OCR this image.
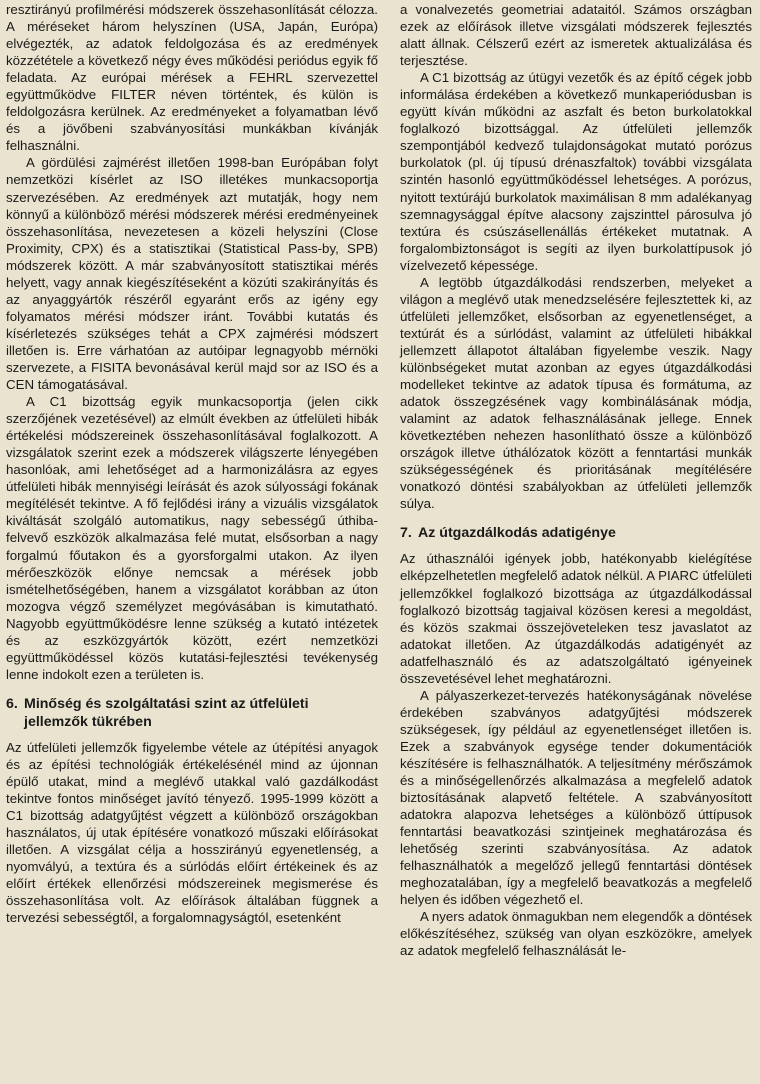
resztirányú profilmérési módszerek összehasonlítását célozza. A méréseket három helyszínen (USA, Japán, Európa) elvégezték, az adatok feldolgozása és az eredmények közzététele a következő négy éves működési periódus egyik fő feladata. Az európai mérések a FEHRL szervezettel együttműködve FILTER néven történtek, és külön is feldolgozásra kerülnek. Az eredményeket a folyamatban lévő és a jövőbeni szabványosítási munkákban kívánják felhasználni.

A gördülési zajmérést illetően 1998-ban Európában folyt nemzetközi kísérlet az ISO illetékes munkacsoportja szervezésében. Az eredmények azt mutatják, hogy nem könnyű a különböző mérési módszerek mérési eredményeinek összehasonlítása, nevezetesen a közeli helyszíni (Close Proximity, CPX) és a statisztikai (Statistical Pass-by, SPB) módszerek között. A már szabványosított statisztikai mérés helyett, vagy annak kiegészítéseként a közúti szakirányítás és az anyaggyártók részéről egyaránt erős az igény egy folyamatos mérési módszer iránt. További kutatás és kísérletezés szükséges tehát a CPX zajmérési módszert illetően is. Erre várhatóan az autóipar legnagyobb mérnöki szervezete, a FISITA bevonásával kerül majd sor az ISO és a CEN támogatásával.

A C1 bizottság egyik munkacsoportja (jelen cikk szerzőjének vezetésével) az elmúlt években az útfelületi hibák értékelési módszereinek összehasonlításával foglalkozott. A vizsgálatok szerint ezek a módszerek világszerte lényegében hasonlóak, ami lehetőséget ad a harmonizálásra az egyes útfelületi hibák mennyiségi leírását és azok súlyossági fokának megítélését tekintve. A fő fejlődési irány a vizuális vizsgálatok kiváltását szolgáló automatikus, nagy sebességű úthiba-felvevő eszközök alkalmazása felé mutat, elsősorban a nagy forgalmú főutakon és a gyorsforgalmi utakon. Az ilyen mérőeszközök előnye nemcsak a mérések jobb ismételhetőségében, hanem a vizsgálatot korábban az úton mozogva végző személyzet megóvásában is kimutatható. Nagyobb együttműködésre lenne szükség a kutató intézetek és az eszközgyártók között, ezért nemzetközi együttműködéssel közös kutatási-fejlesztési tevékenység lenne indokolt ezen a területen is.

6. Minőség és szolgáltatási szint az útfelületi
jellemzők tükrében

Az útfelületi jellemzők figyelembe vétele az útépítési anyagok és az építési technológiák értékelésénél mind az újonnan épülő utakat, mind a meglévő utakkal való gazdálkodást tekintve fontos minőséget javító tényező. 1995-1999 között a C1 bizottság adatgyűjtést végzett a különböző országokban használatos, új utak építésére vonatkozó műszaki előírásokat illetően. A vizsgálat célja a hosszirányú egyenetlenség, a nyomvályú, a textúra és a súrlódás előírt értékeinek és az előírt értékek ellenőrzési módszereinek megismerése és összehasonlítása volt. Az előírások általában függnek a tervezési sebességtől, a forgalomnagyságtól, esetenként

a vonalvezetés geometriai adataitól. Számos országban ezek az előírások illetve vizsgálati módszerek fejlesztés alatt állnak. Célszerű ezért az ismeretek aktualizálása és terjesztése.

A C1 bizottság az útügyi vezetők és az építő cégek jobb informálása érdekében a következő munkaperiódusban is együtt kíván működni az aszfalt és beton burkolatokkal foglalkozó bizottsággal. Az útfelületi jellemzők szempontjából kedvező tulajdonságokat mutató porózus burkolatok (pl. új típusú drénaszfaltok) további vizsgálata szintén hasonló együttműködéssel lehetséges. A porózus, nyitott textúrájú burkolatok maximálisan 8 mm adalékanyag szemnagysággal építve alacsony zajszinttel párosulva jó textúra és csúszásellenállás értékeket mutatnak. A forgalombiztonságot is segíti az ilyen burkolattípusok jó vízelvezető képessége.

A legtöbb útgazdálkodási rendszerben, melyeket a világon a meglévő utak menedzselésére fejlesztettek ki, az útfelületi jellemzőket, elsősorban az egyenetlenséget, a textúrát és a súrlódást, valamint az útfelületi hibákkal jellemzett állapotot általában figyelembe veszik. Nagy különbségeket mutat azonban az egyes útgazdálkodási modelleket tekintve az adatok típusa és formátuma, az adatok összegzésének vagy kombinálásának módja, valamint az adatok felhasználásának jellege. Ennek következtében nehezen hasonlítható össze a különböző országok illetve úthálózatok között a fenntartási munkák szükségességének és prioritásának megítélésére vonatkozó döntési szabályokban az útfelületi jellemzők súlya.

7. Az útgazdálkodás adatigénye

Az úthasználói igények jobb, hatékonyabb kielégítése elképzelhetetlen megfelelő adatok nélkül. A PIARC útfelületi jellemzőkkel foglalkozó bizottsága az útgazdálkodással foglalkozó bizottság tagjaival közösen keresi a megoldást, és közös szakmai összejöveteleken tesz javaslatot az adatokat illetően. Az útgazdálkodás adatigényét az adatfelhasználó és az adatszolgáltató igényeinek összevetésével lehet meghatározni.

A pályaszerkezet-tervezés hatékonyságának növelése érdekében szabványos adatgyűjtési módszerek szükségesek, így például az egyenetlenséget illetően is. Ezek a szabványok egysége tender dokumentációk készítésére is felhasználhatók. A teljesítmény mérőszámok és a minőségellenőrzés alkalmazása a megfelelő adatok biztosításának alapvető feltétele. A szabványosított adatokra alapozva lehetséges a különböző úttípusok fenntartási beavatkozási szintjeinek meghatározása és lehetőség szerinti szabványosítása. Az adatok felhasználhatók a megelőző jellegű fenntartási döntések meghozatalában, így a megfelelő beavatkozás a megfelelő helyen és időben végezhető el.

A nyers adatok önmagukban nem elegendők a döntések előkészítéséhez, szükség van olyan eszközökre, amelyek az adatok megfelelő felhasználását le-
